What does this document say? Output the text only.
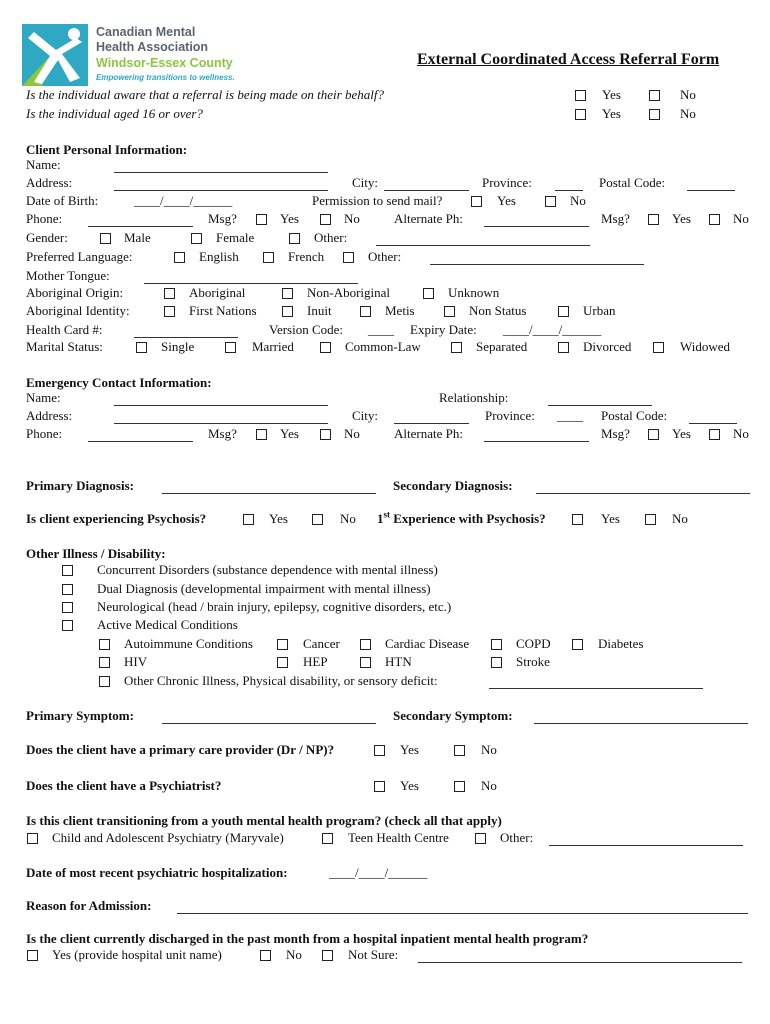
Canadian Mental
Health Association
Windsor-Essex County
Empowering transitions to wellness.
External Coordinated Access Referral Form
Is the individual aware that a referral is being made on their behalf?
Is the individual aged 16 or over?
Yes	No
Yes	No
Client Personal Information:
Name:
Address:	City:	Province:	Postal Code:
Date of Birth:	____/____/______	Permission to send mail?	Yes	No
Phone:	Msg?	Yes	No	Alternate Ph:	Msg?	Yes	No
Gender:	Male	Female	Other:
Preferred Language:	English	French	Other:
Mother Tongue:
Aboriginal Origin:	Aboriginal	Non-Aboriginal	Unknown
Aboriginal Identity:	First Nations	Inuit	Metis	Non Status	Urban
Health Card #:	Version Code: ____ Expiry Date: ____/____/______
Marital Status:	Single	Married	Common-Law	Separated	Divorced	Widowed
Emergency Contact Information:
Name:	Relationship:
Address:	City:	Province: ____ Postal Code:
Phone:	Msg?	Yes	No	Alternate Ph:	Msg?	Yes	No
Primary Diagnosis:	Secondary Diagnosis:
Is client experiencing Psychosis?	Yes	No 1st Experience with Psychosis?	Yes	No
Other Illness / Disability:
Concurrent Disorders (substance dependence with mental illness)
Dual Diagnosis (developmental impairment with mental illness)
Neurological (head / brain injury, epilepsy, cognitive disorders, etc.)
Active Medical Conditions
Autoimmune Conditions	Cancer	Cardiac Disease	COPD	Diabetes
HIV	HEP	HTN	Stroke
Other Chronic Illness, Physical disability, or sensory deficit:
Primary Symptom:	Secondary Symptom:
Does the client have a primary care provider (Dr / NP)?	Yes	No
Does the client have a Psychiatrist?	Yes	No
Is this client transitioning from a youth mental health program? (check all that apply)
Child and Adolescent Psychiatry (Maryvale)	Teen Health Centre	Other:
Date of most recent psychiatric hospitalization:	____/____/______
Reason for Admission:
Is the client currently discharged in the past month from a hospital inpatient mental health program?
Yes (provide hospital unit name)	No	Not Sure:
